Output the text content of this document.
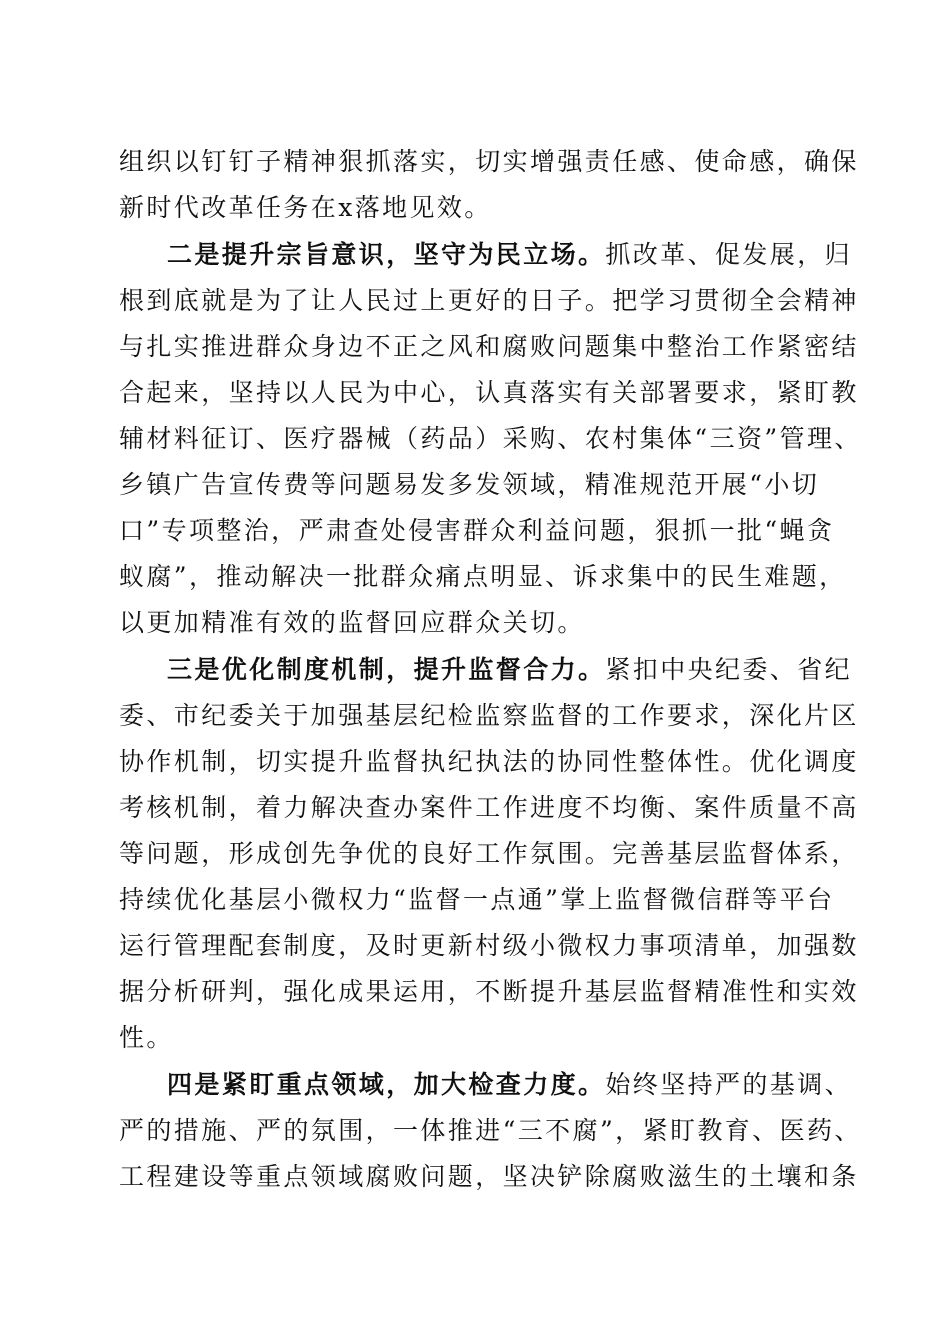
组织以钉钉子精神狠抓落实，切实增强责任感、使命感，确保
新时代改革任务在x落地见效。
二是提升宗旨意识，坚守为民立场。抓改革、促发展，归
根到底就是为了让人民过上更好的日子。把学习贯彻全会精神
与扎实推进群众身边不正之风和腐败问题集中整治工作紧密结
合起来，坚持以人民为中心，认真落实有关部署要求，紧盯教
辅材料征订、医疗器械（药品）采购、农村集体“三资”管理、
乡镇广告宣传费等问题易发多发领域，精准规范开展“小切
口”专项整治，严肃查处侵害群众利益问题，狠抓一批“蝇贪
蚁腐”，推动解决一批群众痛点明显、诉求集中的民生难题，
以更加精准有效的监督回应群众关切。
三是优化制度机制，提升监督合力。紧扣中央纪委、省纪
委、市纪委关于加强基层纪检监察监督的工作要求，深化片区
协作机制，切实提升监督执纪执法的协同性整体性。优化调度
考核机制，着力解决查办案件工作进度不均衡、案件质量不高
等问题，形成创先争优的良好工作氛围。完善基层监督体系，
持续优化基层小微权力“监督一点通”掌上监督微信群等平台
运行管理配套制度，及时更新村级小微权力事项清单，加强数
据分析研判，强化成果运用，不断提升基层监督精准性和实效
性。
四是紧盯重点领域，加大检查力度。始终坚持严的基调、
严的措施、严的氛围，一体推进“三不腐”，紧盯教育、医药、
工程建设等重点领域腐败问题，坚决铲除腐败滋生的土壤和条
